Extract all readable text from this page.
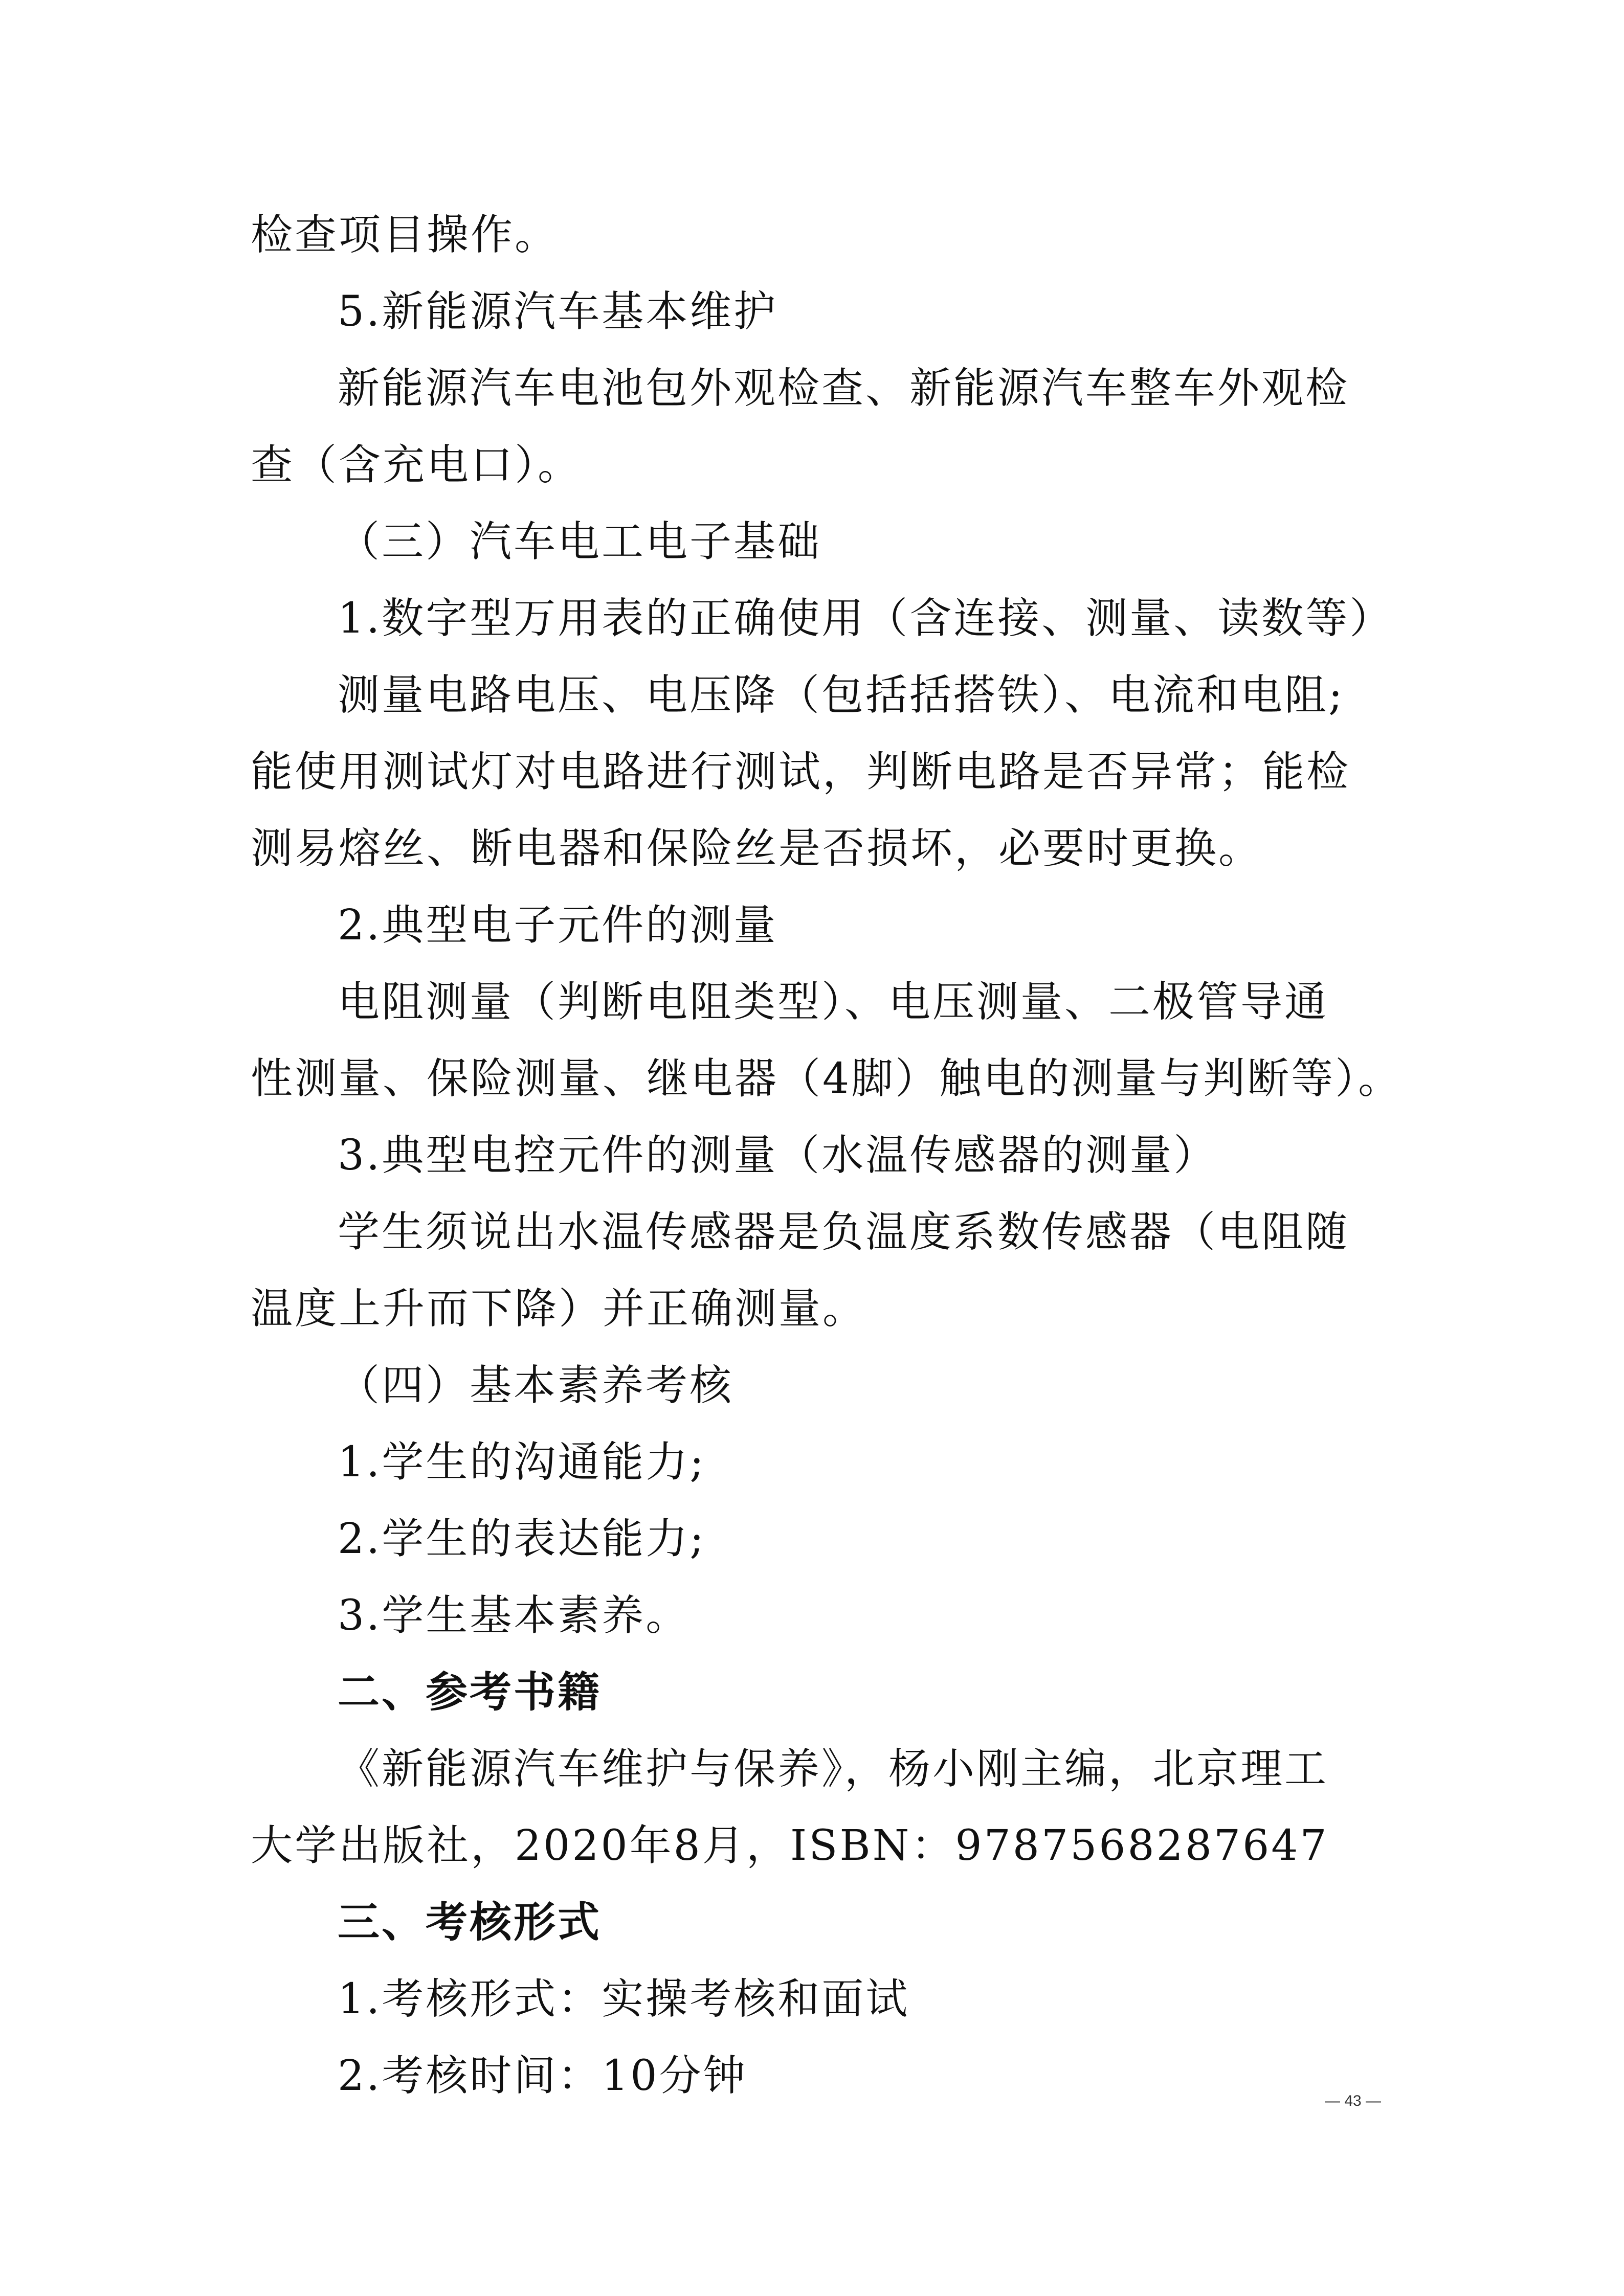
检查项目操作。
5.新能源汽车基本维护
新能源汽车电池包外观检查、新能源汽车整车外观检
查（含充电口）。
（三）汽车电工电子基础
1.数字型万用表的正确使用（含连接、测量、读数等）
测量电路电压、电压降（包括括搭铁）、电流和电阻;
能使用测试灯对电路进行测试，判断电路是否异常；能检
测易熔丝、断电器和保险丝是否损坏，必要时更换。
2.典型电子元件的测量
电阻测量（判断电阻类型）、电压测量、二极管导通
性测量、保险测量、继电器（4脚）触电的测量与判断等）。
3.典型电控元件的测量（水温传感器的测量）
学生须说出水温传感器是负温度系数传感器（电阻随
温度上升而下降）并正确测量。
（四）基本素养考核
1.学生的沟通能力;
2.学生的表达能力;
3.学生基本素养。
二、参考书籍
《新能源汽车维护与保养》，杨小刚主编，北京理工
大学出版社，2020年8月，ISBN：9787568287647
三、考核形式
1.考核形式：实操考核和面试
2.考核时间：10分钟
— 43 —
